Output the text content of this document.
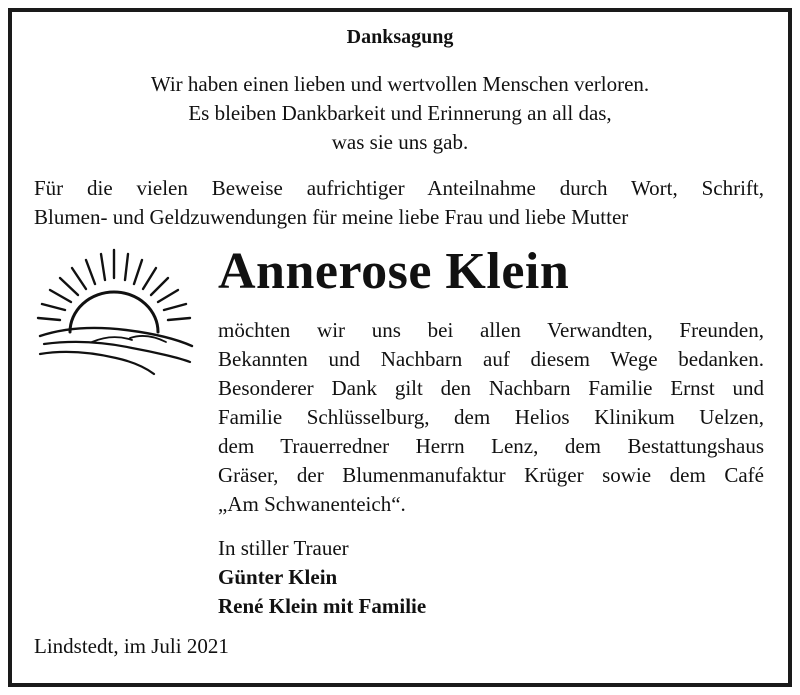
Danksagung
Wir haben einen lieben und wertvollen Menschen verloren.
Es bleiben Dankbarkeit und Erinnerung an all das,
was sie uns gab.
Für die vielen Beweise aufrichtiger Anteilnahme durch Wort, Schrift,
Blumen- und Geldzuwendungen für meine liebe Frau und liebe Mutter
Annerose Klein
möchten wir uns bei allen Verwandten, Freunden,
Bekannten und Nachbarn auf diesem Wege bedanken.
Besonderer Dank gilt den Nachbarn Familie Ernst und
Familie Schlüsselburg, dem Helios Klinikum Uelzen,
dem Trauerredner Herrn Lenz, dem Bestattungshaus
Gräser, der Blumenmanufaktur Krüger sowie dem Café
„Am Schwanenteich“.
In stiller Trauer
Günter Klein
René Klein mit Familie
Lindstedt, im Juli 2021
